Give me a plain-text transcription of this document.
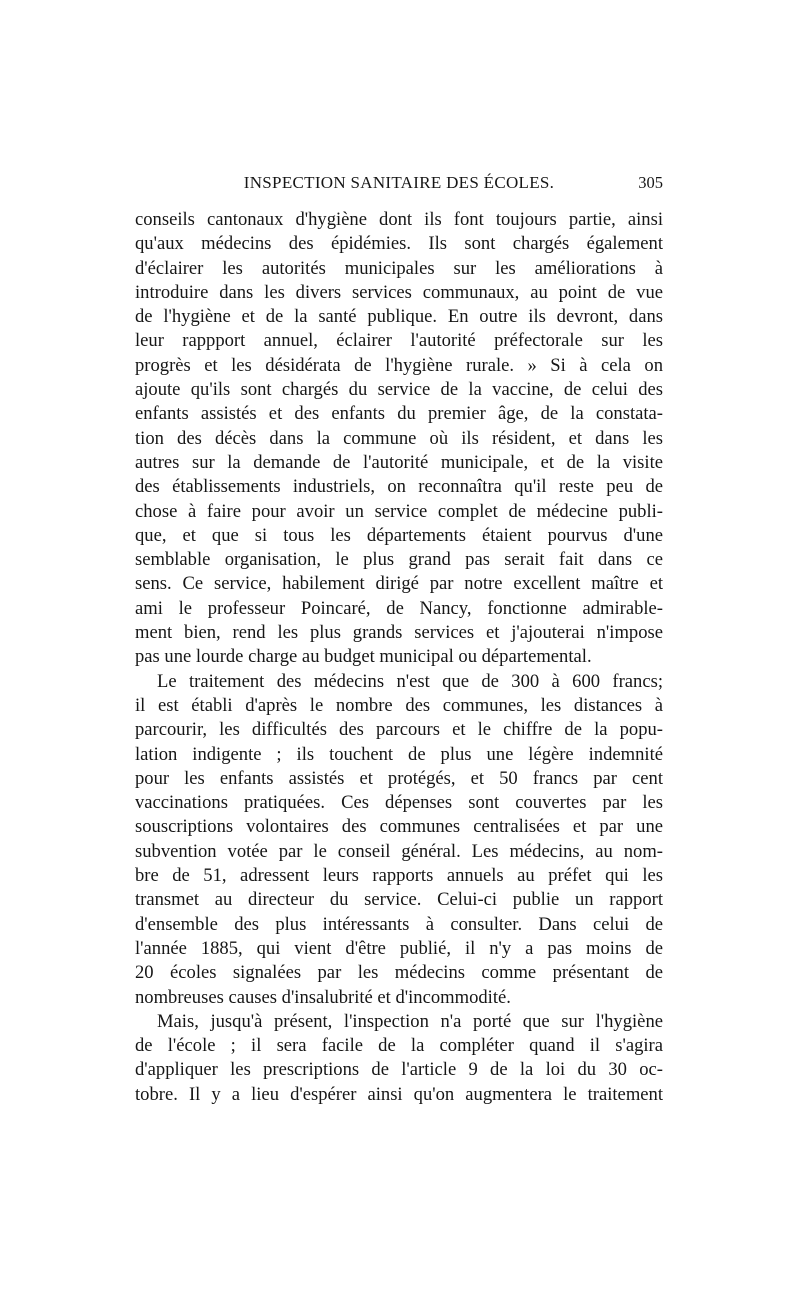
INSPECTION SANITAIRE DES ÉCOLES.	305
conseils cantonaux d'hygiène dont ils font toujours partie, ainsi
qu'aux médecins des épidémies. Ils sont chargés également
d'éclairer les autorités municipales sur les améliorations à
introduire dans les divers services communaux, au point de vue
de l'hygiène et de la santé publique. En outre ils devront, dans
leur rappport annuel, éclairer l'autorité préfectorale sur les
progrès et les désidérata de l'hygiène rurale. » Si à cela on
ajoute qu'ils sont chargés du service de la vaccine, de celui des
enfants assistés et des enfants du premier âge, de la constata-
tion des décès dans la commune où ils résident, et dans les
autres sur la demande de l'autorité municipale, et de la visite
des établissements industriels, on reconnaîtra qu'il reste peu de
chose à faire pour avoir un service complet de médecine publi-
que, et que si tous les départements étaient pourvus d'une
semblable organisation, le plus grand pas serait fait dans ce
sens. Ce service, habilement dirigé par notre excellent maître et
ami le professeur Poincaré, de Nancy, fonctionne admirable-
ment bien, rend les plus grands services et j'ajouterai n'impose
pas une lourde charge au budget municipal ou départemental.
Le traitement des médecins n'est que de 300 à 600 francs;
il est établi d'après le nombre des communes, les distances à
parcourir, les difficultés des parcours et le chiffre de la popu-
lation indigente ; ils touchent de plus une légère indemnité
pour les enfants assistés et protégés, et 50 francs par cent
vaccinations pratiquées. Ces dépenses sont couvertes par les
souscriptions volontaires des communes centralisées et par une
subvention votée par le conseil général. Les médecins, au nom-
bre de 51, adressent leurs rapports annuels au préfet qui les
transmet au directeur du service. Celui-ci publie un rapport
d'ensemble des plus intéressants à consulter. Dans celui de
l'année 1885, qui vient d'être publié, il n'y a pas moins de
20 écoles signalées par les médecins comme présentant de
nombreuses causes d'insalubrité et d'incommodité.
Mais, jusqu'à présent, l'inspection n'a porté que sur l'hygiène
de l'école ; il sera facile de la compléter quand il s'agira
d'appliquer les prescriptions de l'article 9 de la loi du 30 oc-
tobre. Il y a lieu d'espérer ainsi qu'on augmentera le traitement
